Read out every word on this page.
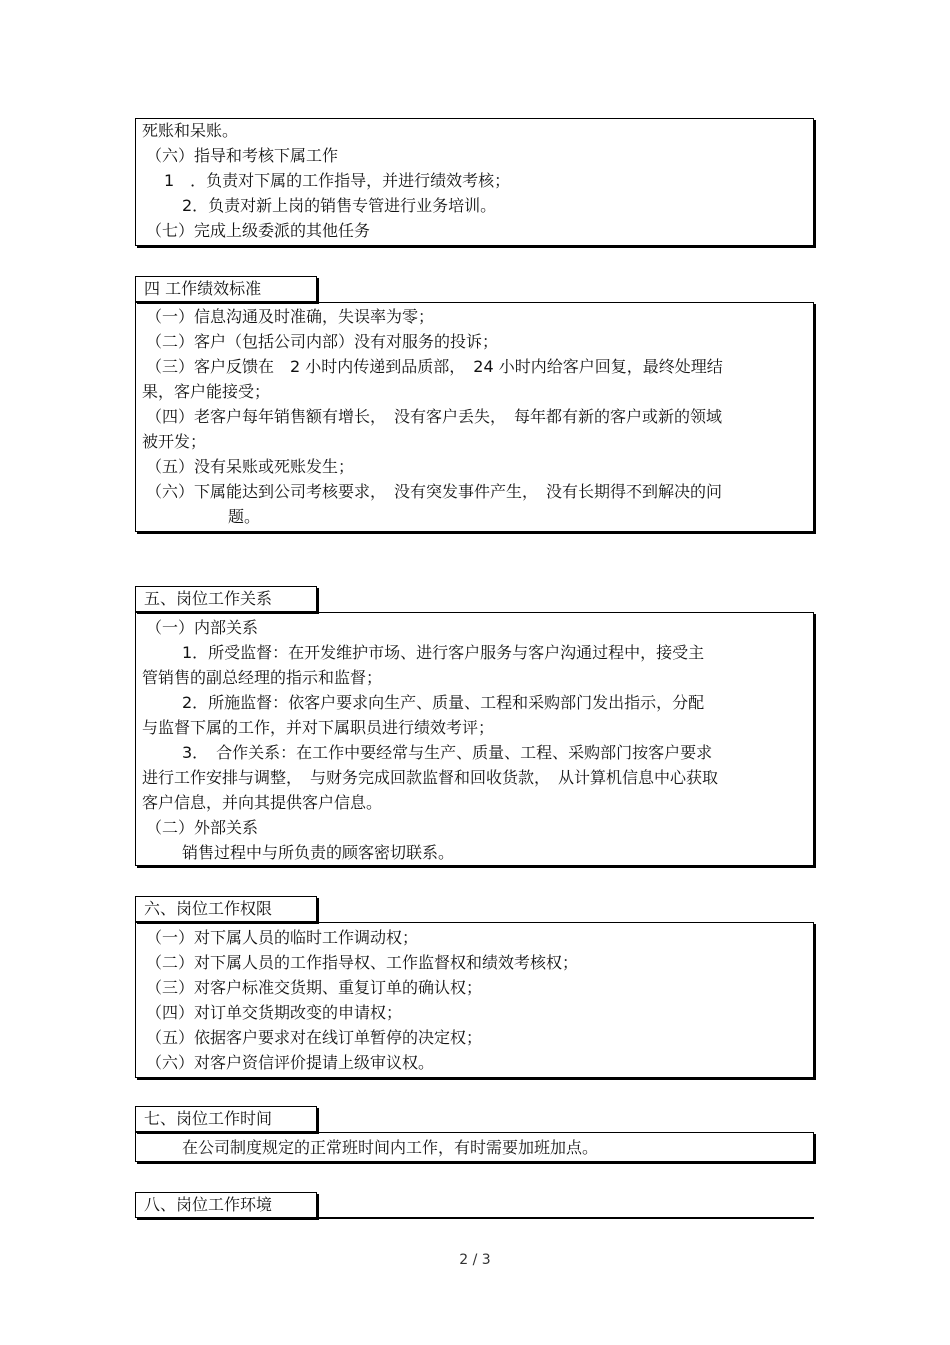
死账和呆账。
（六）指导和考核下属工作
1　．负责对下属的工作指导，并进行绩效考核；
2．负责对新上岗的销售专管进行业务培训。
（七）完成上级委派的其他任务
四 工作绩效标准
（一）信息沟通及时准确，失误率为零；
（二）客户（包括公司内部）没有对服务的投诉；
（三）客户反馈在　2 小时内传递到品质部，　24 小时内给客户回复，最终处理结
果，客户能接受；
（四）老客户每年销售额有增长，　没有客户丢失，　每年都有新的客户或新的领域
被开发；
（五）没有呆账或死账发生；
（六）下属能达到公司考核要求，　没有突发事件产生，　没有长期得不到解决的问
题。
五、岗位工作关系
（一）内部关系
1．所受监督：在开发维护市场、进行客户服务与客户沟通过程中，接受主
管销售的副总经理的指示和监督；
2．所施监督：依客户要求向生产、质量、工程和采购部门发出指示，分配
与监督下属的工作，并对下属职员进行绩效考评；
3．　合作关系：在工作中要经常与生产、质量、工程、采购部门按客户要求
进行工作安排与调整，　与财务完成回款监督和回收货款，　从计算机信息中心获取
客户信息，并向其提供客户信息。
（二）外部关系
销售过程中与所负责的顾客密切联系。
六、岗位工作权限
（一）对下属人员的临时工作调动权；
（二）对下属人员的工作指导权、工作监督权和绩效考核权；
（三）对客户标准交货期、重复订单的确认权；
（四）对订单交货期改变的申请权；
（五）依据客户要求对在线订单暂停的决定权；
（六）对客户资信评价提请上级审议权。
七、岗位工作时间
在公司制度规定的正常班时间内工作，有时需要加班加点。
八、岗位工作环境
2 / 3
